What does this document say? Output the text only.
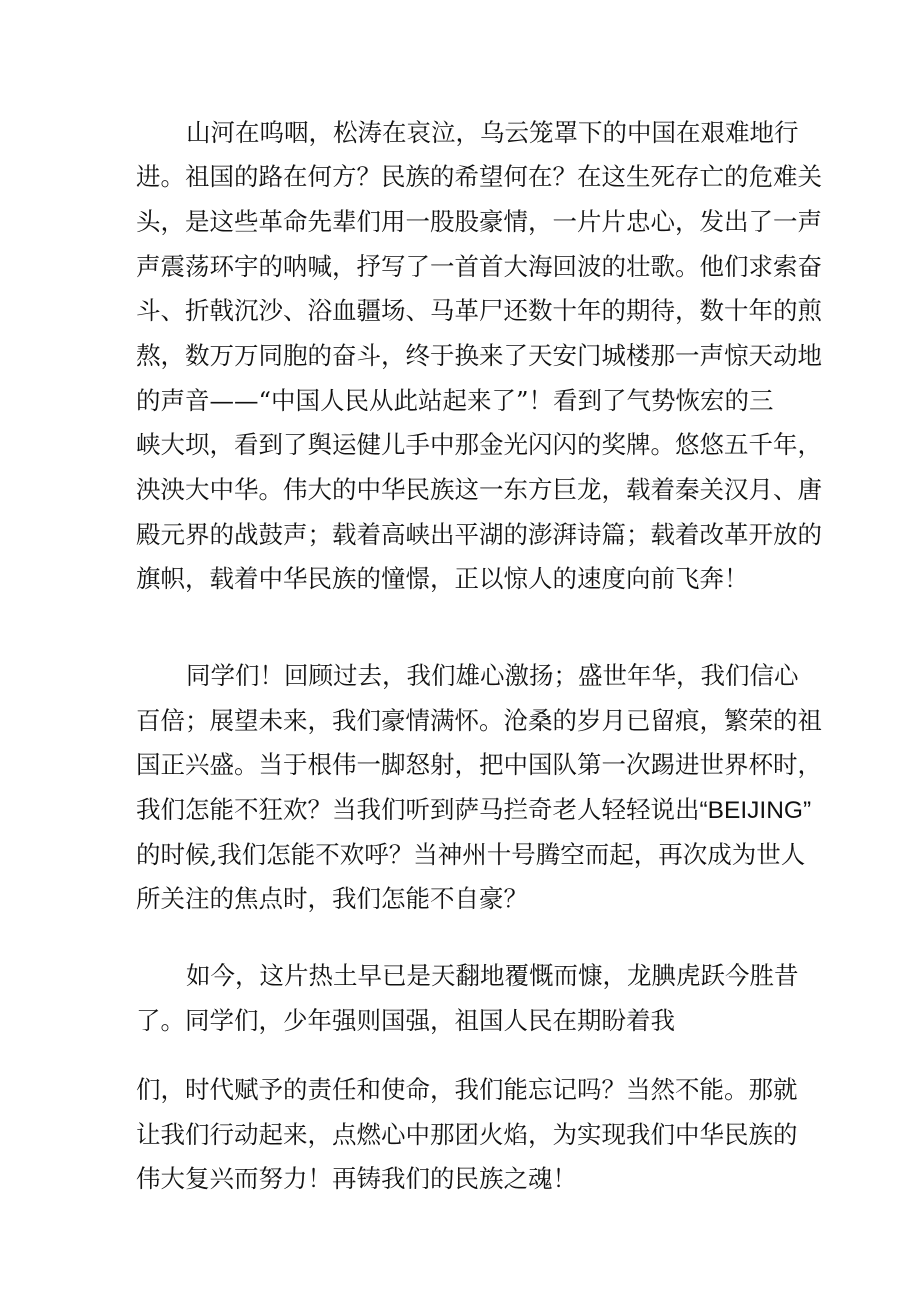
山河在呜咽，松涛在哀泣，乌云笼罩下的中国在艰难地行
进。祖国的路在何方？民族的希望何在？在这生死存亡的危难关
头，是这些革命先辈们用一股股豪情，一片片忠心，发出了一声
声震荡环宇的呐喊，抒写了一首首大海回波的壮歌。他们求索奋
斗、折戟沉沙、浴血疆场、马革尸还数十年的期待，数十年的煎
熬，数万万同胞的奋斗，终于换来了天安门城楼那一声惊天动地
的声音——“中国人民从此站起来了”！看到了气势恢宏的三
峡大坝，看到了舆运健儿手中那金光闪闪的奖牌。悠悠五千年，
泱泱大中华。伟大的中华民族这一东方巨龙，载着秦关汉月、唐
殿元界的战鼓声；载着高峡出平湖的澎湃诗篇；载着改革开放的
旗帜，载着中华民族的憧憬，正以惊人的速度向前飞奔！
同学们！回顾过去，我们雄心激扬；盛世年华，我们信心
百倍；展望未来，我们豪情满怀。沧桑的岁月已留痕，繁荣的祖
国正兴盛。当于根伟一脚怒射，把中国队第一次踢进世界杯时，
我们怎能不狂欢？当我们听到萨马拦奇老人轻轻说出“BEIJING”
的时候,我们怎能不欢呼？当神州十号腾空而起，再次成为世人
所关注的焦点时，我们怎能不自豪？
如今，这片热土早已是天翻地覆慨而慷，龙腆虎跃今胜昔
了。同学们，少年强则国强，祖国人民在期盼着我
们，时代赋予的责任和使命，我们能忘记吗？当然不能。那就
让我们行动起来，点燃心中那团火焰，为实现我们中华民族的
伟大复兴而努力！再铸我们的民族之魂！
